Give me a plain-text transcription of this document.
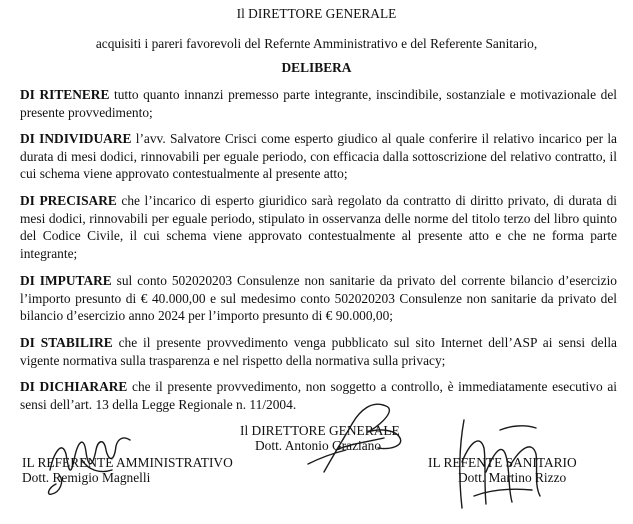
Il DIRETTORE GENERALE
acquisiti i pareri favorevoli del Refernte Amministrativo e del Referente Sanitario,
DELIBERA
DI RITENERE tutto quanto innanzi premesso parte integrante, inscindibile, sostanziale e motivazionale del presente provvedimento;
DI INDIVIDUARE l’avv. Salvatore Crisci come esperto giudico al quale conferire il relativo incarico per la durata di mesi dodici, rinnovabili per eguale periodo, con efficacia dalla sottoscrizione del relativo contratto, il cui schema viene approvato contestualmente al presente atto;
DI PRECISARE che l’incarico di esperto giuridico sarà regolato da contratto di diritto privato, di durata di mesi dodici, rinnovabili per eguale periodo, stipulato in osservanza delle norme del titolo terzo del libro quinto del Codice Civile, il cui schema viene approvato contestualmente al presente atto e che ne forma parte integrante;
DI IMPUTARE sul conto 502020203 Consulenze non sanitarie da privato del corrente bilancio d’esercizio l’importo presunto di € 40.000,00 e sul medesimo conto 502020203 Consulenze non sanitarie da privato del bilancio d’esercizio anno 2024 per l’importo presunto di € 90.000,00;
DI STABILIRE che il presente provvedimento venga pubblicato sul sito Internet dell’ASP ai sensi della vigente normativa sulla trasparenza e nel rispetto della normativa sulla privacy;
DI DICHIARARE che il presente provvedimento, non soggetto a controllo, è immediatamente esecutivo ai sensi dell’art. 13 della Legge Regionale n. 11/2004.
Il DIRETTORE GENERALE
Dott. Antonio Graziano
IL REFERENTE AMMINISTRATIVO
Dott. Remigio Magnelli
IL REFENTE SANITARIO
Dott. Martino Rizzo
